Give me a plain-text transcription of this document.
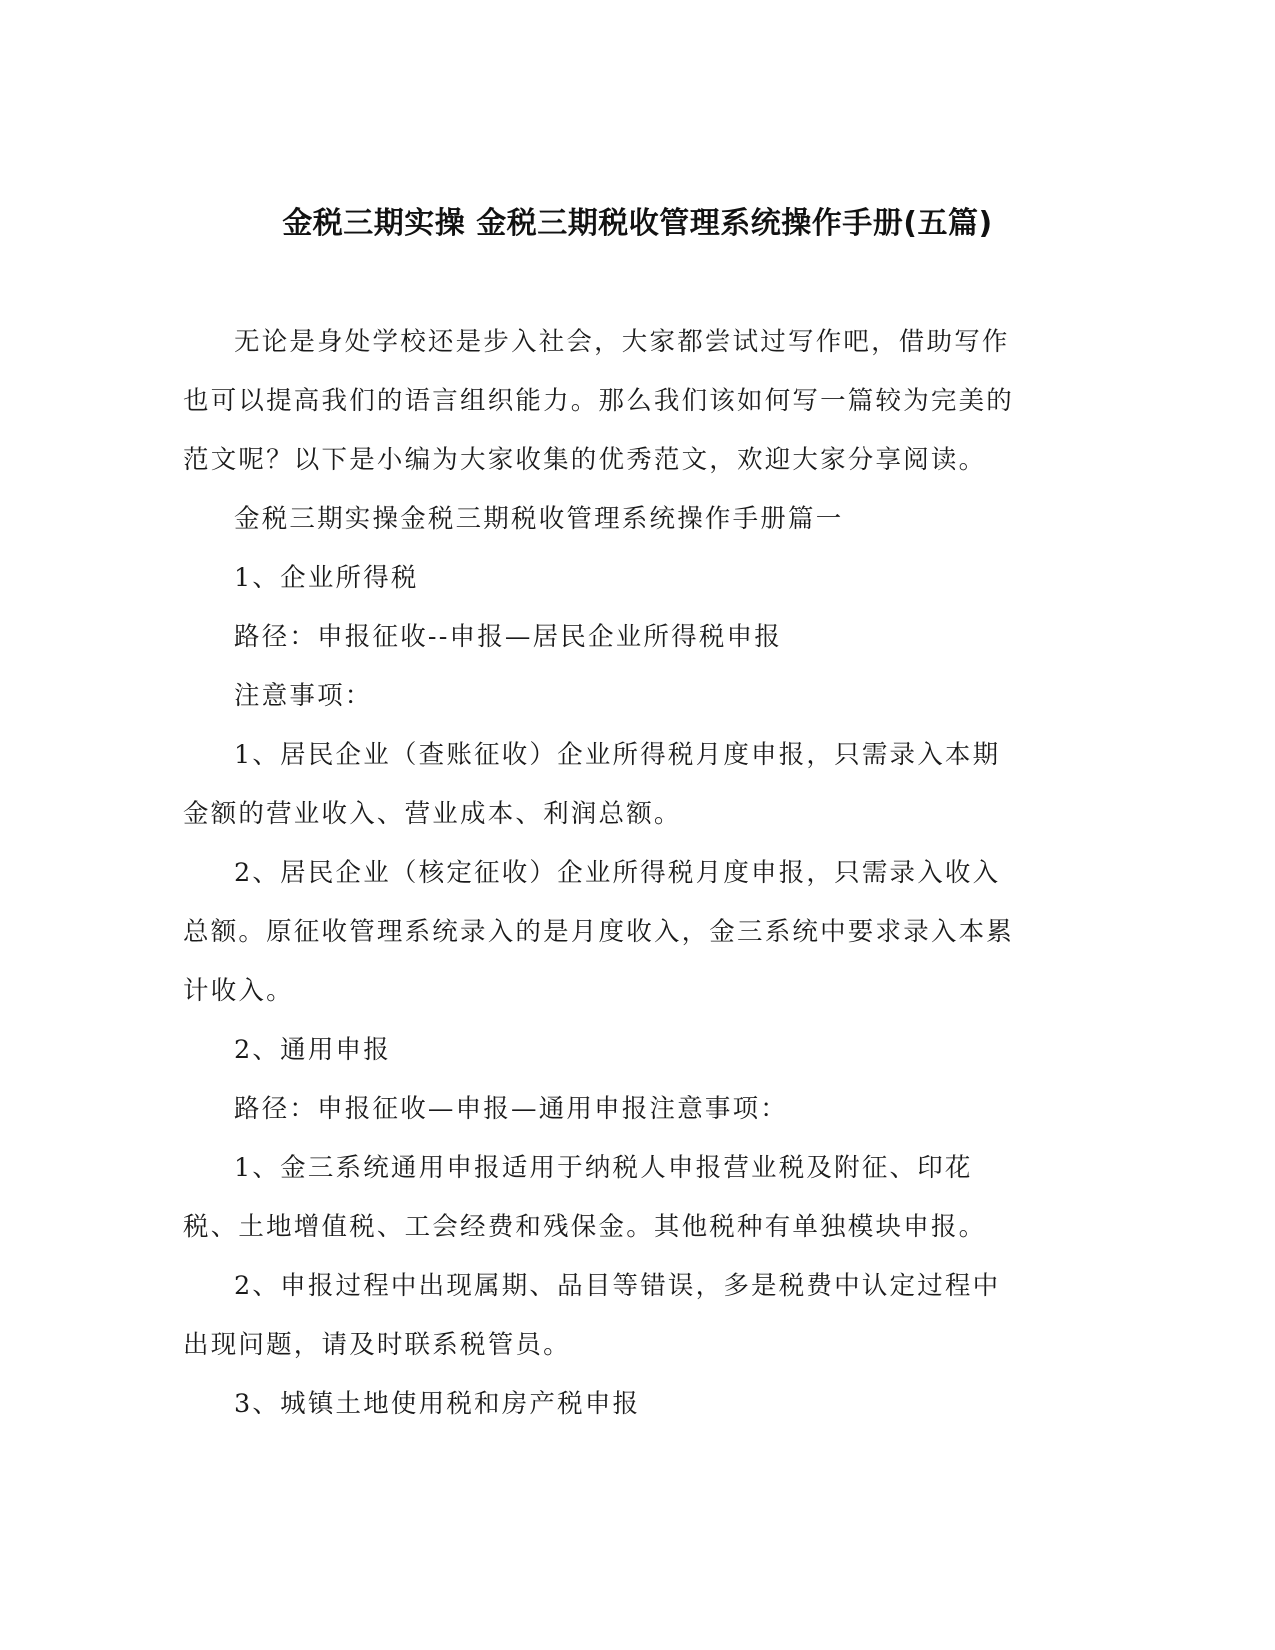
金税三期实操 金税三期税收管理系统操作手册(五篇)

无论是身处学校还是步入社会，大家都尝试过写作吧，借助写作也可以提高我们的语言组织能力。那么我们该如何写一篇较为完美的范文呢？以下是小编为大家收集的优秀范文，欢迎大家分享阅读。

金税三期实操金税三期税收管理系统操作手册篇一

1、企业所得税

路径：申报征收--申报—居民企业所得税申报

注意事项：

1、居民企业（查账征收）企业所得税月度申报，只需录入本期金额的营业收入、营业成本、利润总额。

2、居民企业（核定征收）企业所得税月度申报，只需录入收入总额。原征收管理系统录入的是月度收入，金三系统中要求录入本累计收入。

2、通用申报

路径：申报征收—申报—通用申报注意事项：

1、金三系统通用申报适用于纳税人申报营业税及附征、印花税、土地增值税、工会经费和残保金。其他税种有单独模块申报。

2、申报过程中出现属期、品目等错误，多是税费中认定过程中出现问题，请及时联系税管员。

3、城镇土地使用税和房产税申报
